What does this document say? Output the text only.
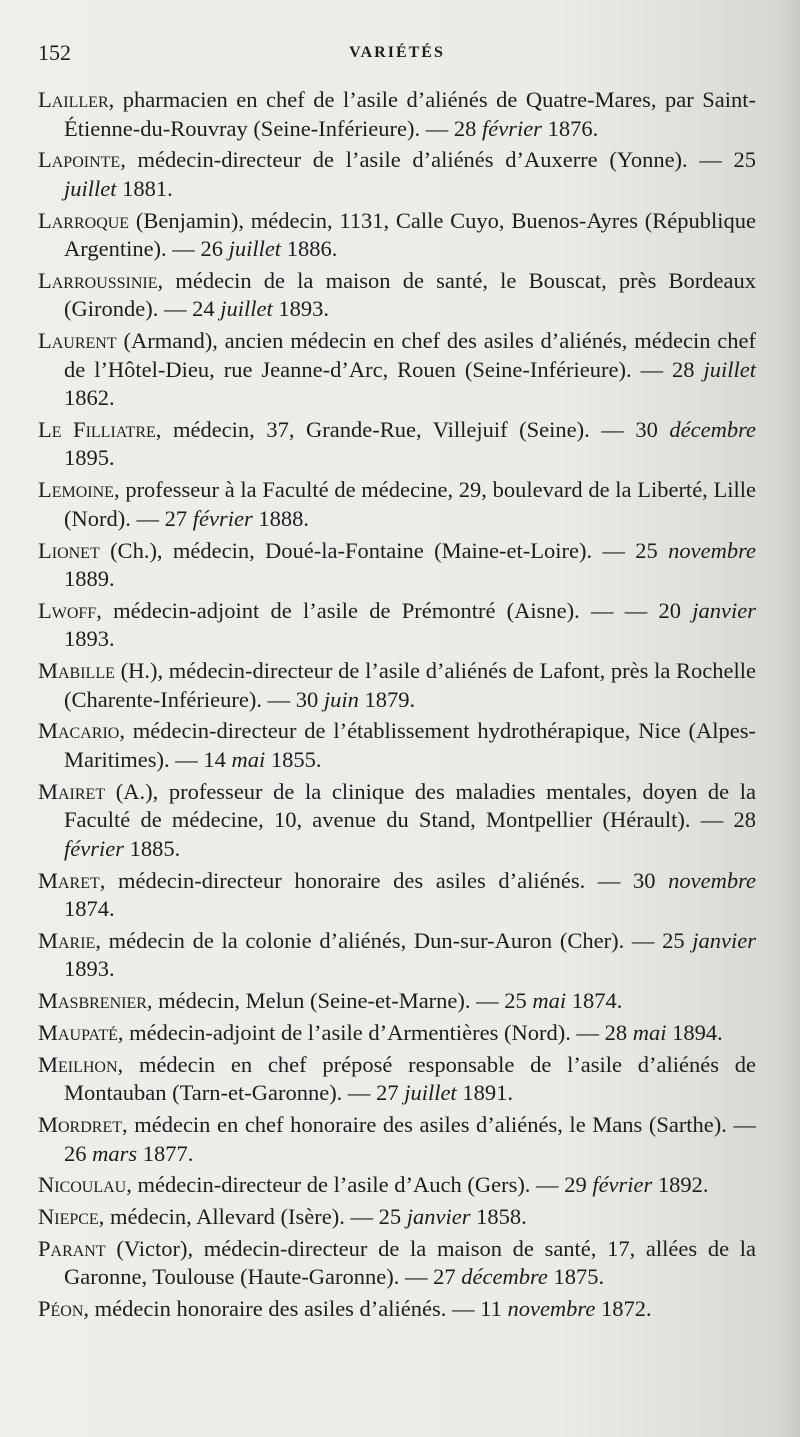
152	VARIÉTÉS
Lailler, pharmacien en chef de l’asile d’aliénés de Quatre-Mares, par Saint-Étienne-du-Rouvray (Seine-Inférieure). — 28 février 1876.
Lapointe, médecin-directeur de l’asile d’aliénés d’Auxerre (Yonne). — 25 juillet 1881.
Larroque (Benjamin), médecin, 1131, Calle Cuyo, Buenos-Ayres (République Argentine). — 26 juillet 1886.
Larroussinie, médecin de la maison de santé, le Bouscat, près Bordeaux (Gironde). — 24 juillet 1893.
Laurent (Armand), ancien médecin en chef des asiles d’aliénés, médecin chef de l’Hôtel-Dieu, rue Jeanne-d’Arc, Rouen (Seine-Inférieure). — 28 juillet 1862.
Le Filliatre, médecin, 37, Grande-Rue, Villejuif (Seine). — 30 décembre 1895.
Lemoine, professeur à la Faculté de médecine, 29, boulevard de la Liberté, Lille (Nord). — 27 février 1888.
Lionet (Ch.), médecin, Doué-la-Fontaine (Maine-et-Loire). — 25 novembre 1889.
Lwoff, médecin-adjoint de l’asile de Prémontré (Aisne). — — 20 janvier 1893.
Mabille (H.), médecin-directeur de l’asile d’aliénés de Lafont, près la Rochelle (Charente-Inférieure). — 30 juin 1879.
Macario, médecin-directeur de l’établissement hydrothérapique, Nice (Alpes-Maritimes). — 14 mai 1855.
Mairet (A.), professeur de la clinique des maladies mentales, doyen de la Faculté de médecine, 10, avenue du Stand, Montpellier (Hérault). — 28 février 1885.
Maret, médecin-directeur honoraire des asiles d’aliénés. — 30 novembre 1874.
Marie, médecin de la colonie d’aliénés, Dun-sur-Auron (Cher). — 25 janvier 1893.
Masbrenier, médecin, Melun (Seine-et-Marne). — 25 mai 1874.
Maupaté, médecin-adjoint de l’asile d’Armentières (Nord). — 28 mai 1894.
Meilhon, médecin en chef préposé responsable de l’asile d’aliénés de Montauban (Tarn-et-Garonne). — 27 juillet 1891.
Mordret, médecin en chef honoraire des asiles d’aliénés, le Mans (Sarthe). — 26 mars 1877.
Nicoulau, médecin-directeur de l’asile d’Auch (Gers). — 29 février 1892.
Niepce, médecin, Allevard (Isère). — 25 janvier 1858.
Parant (Victor), médecin-directeur de la maison de santé, 17, allées de la Garonne, Toulouse (Haute-Garonne). — 27 décembre 1875.
Péon, médecin honoraire des asiles d’aliénés. — 11 novembre 1872.
